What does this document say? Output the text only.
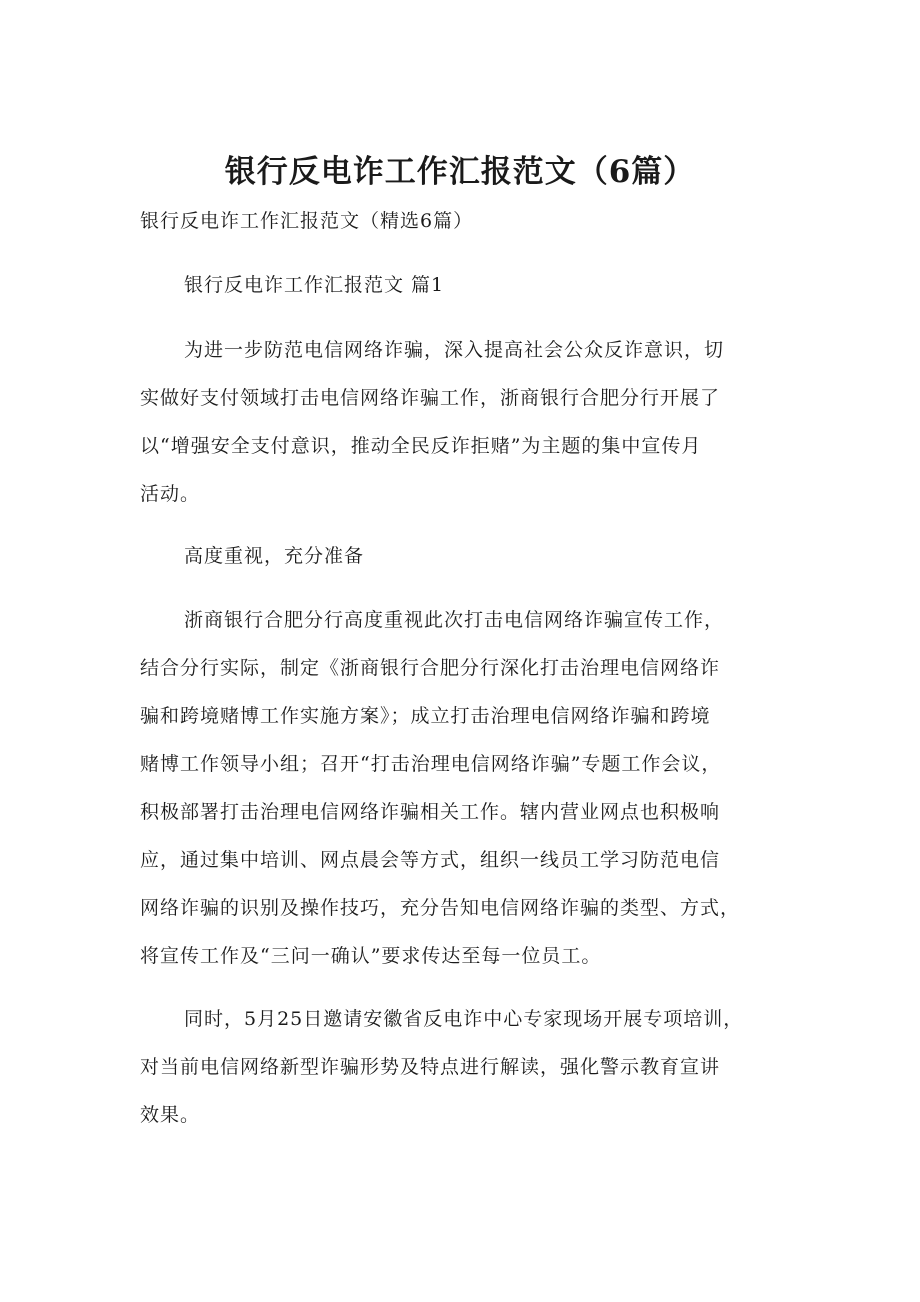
银行反电诈工作汇报范文（6篇）
银行反电诈工作汇报范文（精选6篇）
银行反电诈工作汇报范文 篇1
为进一步防范电信网络诈骗，深入提高社会公众反诈意识，切
实做好支付领域打击电信网络诈骗工作，浙商银行合肥分行开展了
以“增强安全支付意识，推动全民反诈拒赌”为主题的集中宣传月
活动。
高度重视，充分准备
浙商银行合肥分行高度重视此次打击电信网络诈骗宣传工作，
结合分行实际，制定《浙商银行合肥分行深化打击治理电信网络诈
骗和跨境赌博工作实施方案》；成立打击治理电信网络诈骗和跨境
赌博工作领导小组；召开“打击治理电信网络诈骗”专题工作会议，
积极部署打击治理电信网络诈骗相关工作。辖内营业网点也积极响
应，通过集中培训、网点晨会等方式，组织一线员工学习防范电信
网络诈骗的识别及操作技巧，充分告知电信网络诈骗的类型、方式，
将宣传工作及“三问一确认”要求传达至每一位员工。
同时，5月25日邀请安徽省反电诈中心专家现场开展专项培训，
对当前电信网络新型诈骗形势及特点进行解读，强化警示教育宣讲
效果。
